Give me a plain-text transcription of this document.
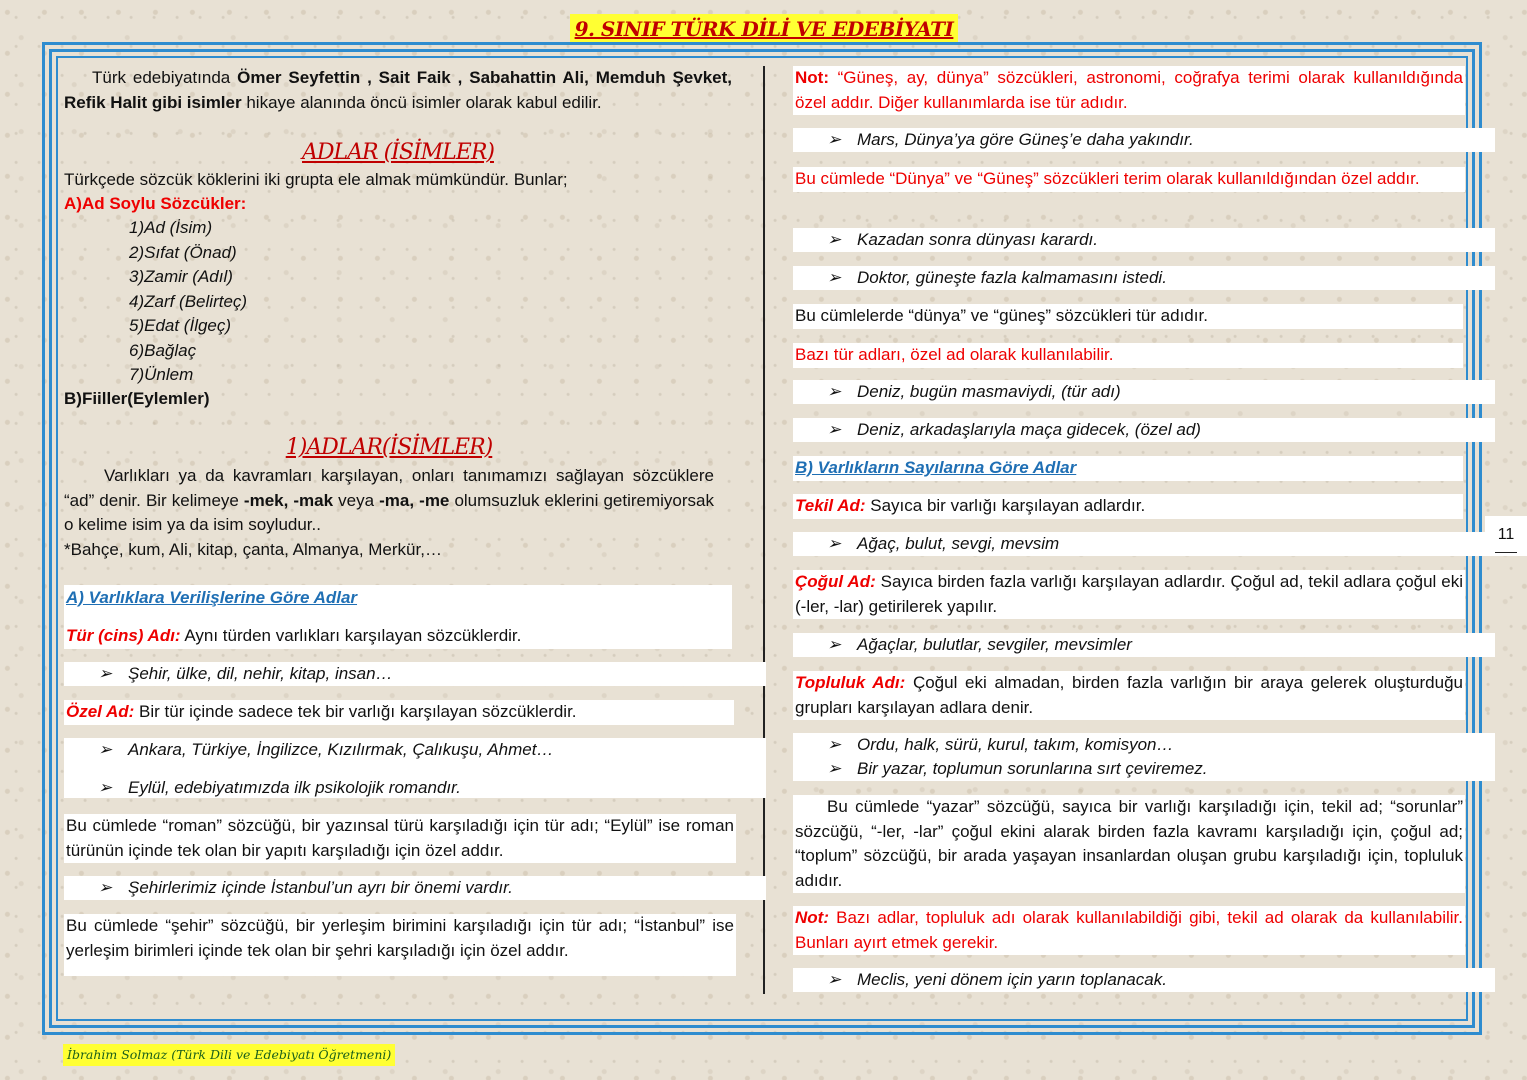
9. SINIF TÜRK DİLİ VE EDEBİYATI
11
Türk edebiyatında Ömer Seyfettin , Sait Faik , Sabahattin Ali, Memduh Şevket, Refik Halit gibi isimler hikaye alanında öncü isimler olarak kabul edilir.
ADLAR (İSİMLER)
Türkçede sözcük köklerini iki grupta ele almak mümkündür. Bunlar;
A)Ad Soylu Sözcükler:
1)Ad (İsim)
2)Sıfat (Önad)
3)Zamir (Adıl)
4)Zarf (Belirteç)
5)Edat (İlgeç)
6)Bağlaç
7)Ünlem
B)Fiiller(Eylemler)
1)ADLAR(İSİMLER)
Varlıkları ya da kavramları karşılayan, onları tanımamızı sağlayan sözcüklere “ad” denir. Bir kelimeye -mek, -mak veya -ma, -me olumsuzluk eklerini getiremiyorsak o kelime isim ya da isim soyludur..
*Bahçe, kum, Ali, kitap, çanta, Almanya, Merkür,…
A) Varlıklara Verilişlerine Göre Adlar
Tür (cins) Adı: Aynı türden varlıkları karşılayan sözcüklerdir.
➢ Şehir, ülke, dil, nehir, kitap, insan…
Özel Ad: Bir tür içinde sadece tek bir varlığı karşılayan sözcüklerdir.
➢ Ankara, Türkiye, İngilizce, Kızılırmak, Çalıkuşu, Ahmet…
➢ Eylül, edebiyatımızda ilk psikolojik romandır.
Bu cümlede “roman” sözcüğü, bir yazınsal türü karşıladığı için tür adı; “Eylül” ise roman türünün içinde tek olan bir yapıtı karşıladığı için özel addır.
➢ Şehirlerimiz içinde İstanbul’un ayrı bir önemi vardır.
Bu cümlede “şehir” sözcüğü, bir yerleşim birimini karşıladığı için tür adı; “İstanbul” ise yerleşim birimleri içinde tek olan bir şehri karşıladığı için özel addır.
Not: “Güneş, ay, dünya” sözcükleri, astronomi, coğrafya terimi olarak kullanıldığında özel addır. Diğer kullanımlarda ise tür adıdır.
➢ Mars, Dünya’ya göre Güneş’e daha yakındır.
Bu cümlede “Dünya” ve “Güneş” sözcükleri terim olarak kullanıldığından özel addır.
➢ Kazadan sonra dünyası karardı.
➢ Doktor, güneşte fazla kalmamasını istedi.
Bu cümlelerde “dünya” ve “güneş” sözcükleri tür adıdır.
Bazı tür adları, özel ad olarak kullanılabilir.
➢ Deniz, bugün masmaviydi, (tür adı)
➢ Deniz, arkadaşlarıyla maça gidecek, (özel ad)
B) Varlıkların Sayılarına Göre Adlar
Tekil Ad: Sayıca bir varlığı karşılayan adlardır.
➢ Ağaç, bulut, sevgi, mevsim
Çoğul Ad: Sayıca birden fazla varlığı karşılayan adlardır. Çoğul ad, tekil adlara çoğul eki (-ler, -lar) getirilerek yapılır.
➢ Ağaçlar, bulutlar, sevgiler, mevsimler
Topluluk Adı: Çoğul eki almadan, birden fazla varlığın bir araya gelerek oluşturduğu grupları karşılayan adlara denir.
➢ Ordu, halk, sürü, kurul, takım, komisyon…
➢ Bir yazar, toplumun sorunlarına sırt çeviremez.
Bu cümlede “yazar” sözcüğü, sayıca bir varlığı karşıladığı için, tekil ad; “sorunlar” sözcüğü, “-ler, -lar” çoğul ekini alarak birden fazla kavramı karşıladığı için, çoğul ad; “toplum” sözcüğü, bir arada yaşayan insanlardan oluşan grubu karşıladığı için, topluluk adıdır.
Not: Bazı adlar, topluluk adı olarak kullanılabildiği gibi, tekil ad olarak da kullanılabilir. Bunları ayırt etmek gerekir.
➢ Meclis, yeni dönem için yarın toplanacak.
İbrahim Solmaz (Türk Dili ve Edebiyatı Öğretmeni)
